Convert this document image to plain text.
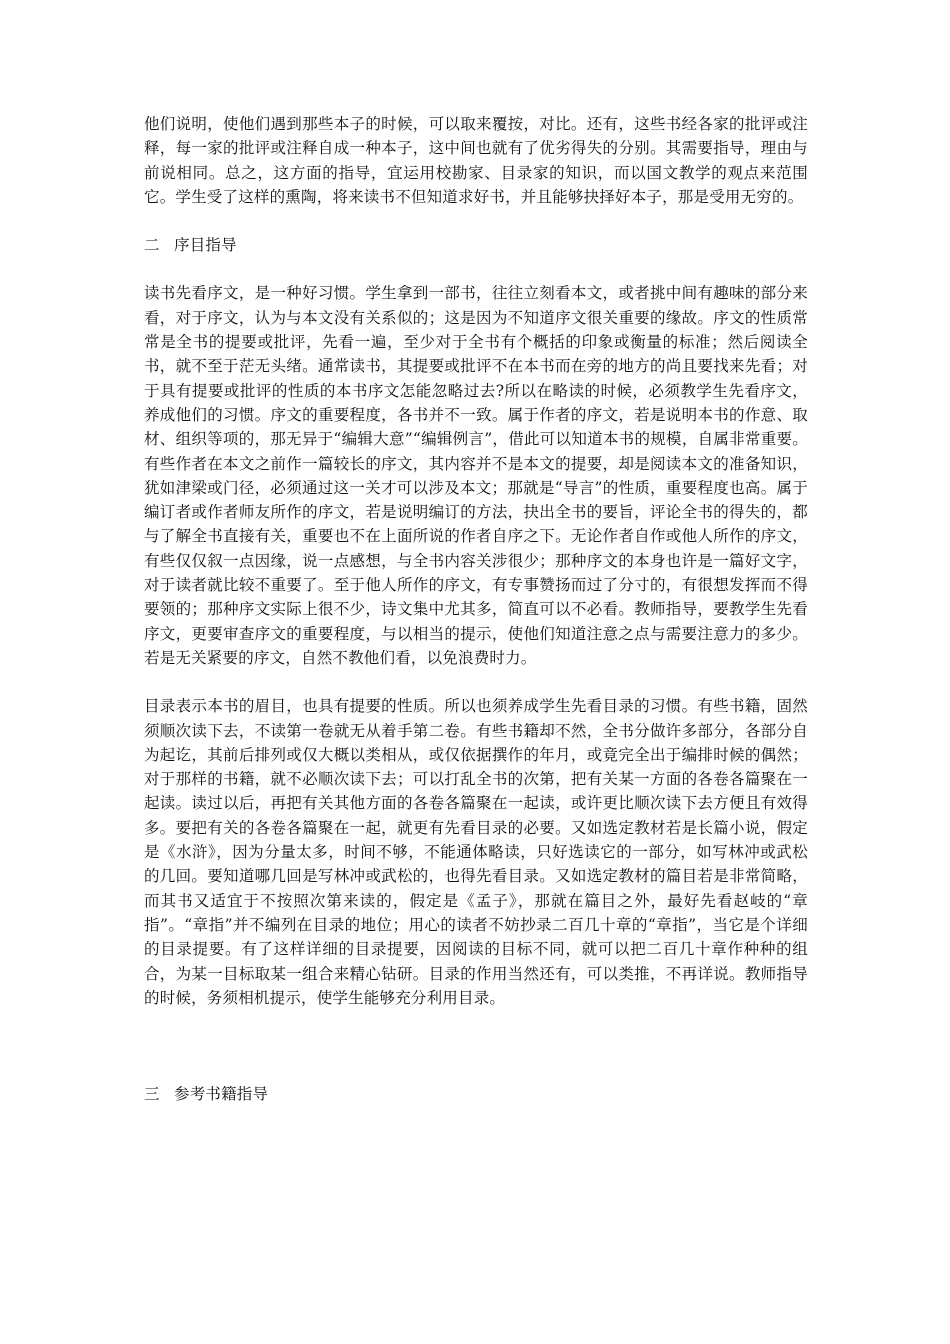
他们说明，使他们遇到那些本子的时候，可以取来覆按，对比。还有，这些书经各家的批评或注释，每一家的批评或注释自成一种本子，这中间也就有了优劣得失的分别。其需要指导，理由与前说相同。总之，这方面的指导，宜运用校勘家、目录家的知识，而以国文教学的观点来范围它。学生受了这样的熏陶，将来读书不但知道求好书，并且能够抉择好本子，那是受用无穷的。

二 序目指导

读书先看序文，是一种好习惯。学生拿到一部书，往往立刻看本文，或者挑中间有趣味的部分来看，对于序文，认为与本文没有关系似的；这是因为不知道序文很关重要的缘故。序文的性质常常是全书的提要或批评，先看一遍，至少对于全书有个概括的印象或衡量的标准；然后阅读全书，就不至于茫无头绪。通常读书，其提要或批评不在本书而在旁的地方的尚且要找来先看；对于具有提要或批评的性质的本书序文怎能忽略过去?所以在略读的时候，必须教学生先看序文，养成他们的习惯。序文的重要程度，各书并不一致。属于作者的序文，若是说明本书的作意、取材、组织等项的，那无异于“编辑大意”“编辑例言”，借此可以知道本书的规模，自属非常重要。有些作者在本文之前作一篇较长的序文，其内容并不是本文的提要，却是阅读本文的准备知识，犹如津梁或门径，必须通过这一关才可以涉及本文；那就是“导言”的性质，重要程度也高。属于编订者或作者师友所作的序文，若是说明编订的方法，抉出全书的要旨，评论全书的得失的，都与了解全书直接有关，重要也不在上面所说的作者自序之下。无论作者自作或他人所作的序文，有些仅仅叙一点因缘，说一点感想，与全书内容关涉很少；那种序文的本身也许是一篇好文字，对于读者就比较不重要了。至于他人所作的序文，有专事赞扬而过了分寸的，有很想发挥而不得要领的；那种序文实际上很不少，诗文集中尤其多，简直可以不必看。教师指导，要教学生先看序文，更要审查序文的重要程度，与以相当的提示，使他们知道注意之点与需要注意力的多少。若是无关紧要的序文，自然不教他们看，以免浪费时力。

目录表示本书的眉目，也具有提要的性质。所以也须养成学生先看目录的习惯。有些书籍，固然须顺次读下去，不读第一卷就无从着手第二卷。有些书籍却不然，全书分做许多部分，各部分自为起讫，其前后排列或仅大概以类相从，或仅依据撰作的年月，或竟完全出于编排时候的偶然；对于那样的书籍，就不必顺次读下去；可以打乱全书的次第，把有关某一方面的各卷各篇聚在一起读。读过以后，再把有关其他方面的各卷各篇聚在一起读，或许更比顺次读下去方便且有效得多。要把有关的各卷各篇聚在一起，就更有先看目录的必要。又如选定教材若是长篇小说，假定是《水浒》，因为分量太多，时间不够，不能通体略读，只好选读它的一部分，如写林冲或武松的几回。要知道哪几回是写林冲或武松的，也得先看目录。又如选定教材的篇目若是非常简略，而其书又适宜于不按照次第来读的，假定是《孟子》，那就在篇目之外，最好先看赵岐的“章指”。“章指”并不编列在目录的地位；用心的读者不妨抄录二百几十章的“章指”，当它是个详细的目录提要。有了这样详细的目录提要，因阅读的目标不同，就可以把二百几十章作种种的组合，为某一目标取某一组合来精心钻研。目录的作用当然还有，可以类推，不再详说。教师指导的时候，务须相机提示，使学生能够充分利用目录。

三 参考书籍指导
